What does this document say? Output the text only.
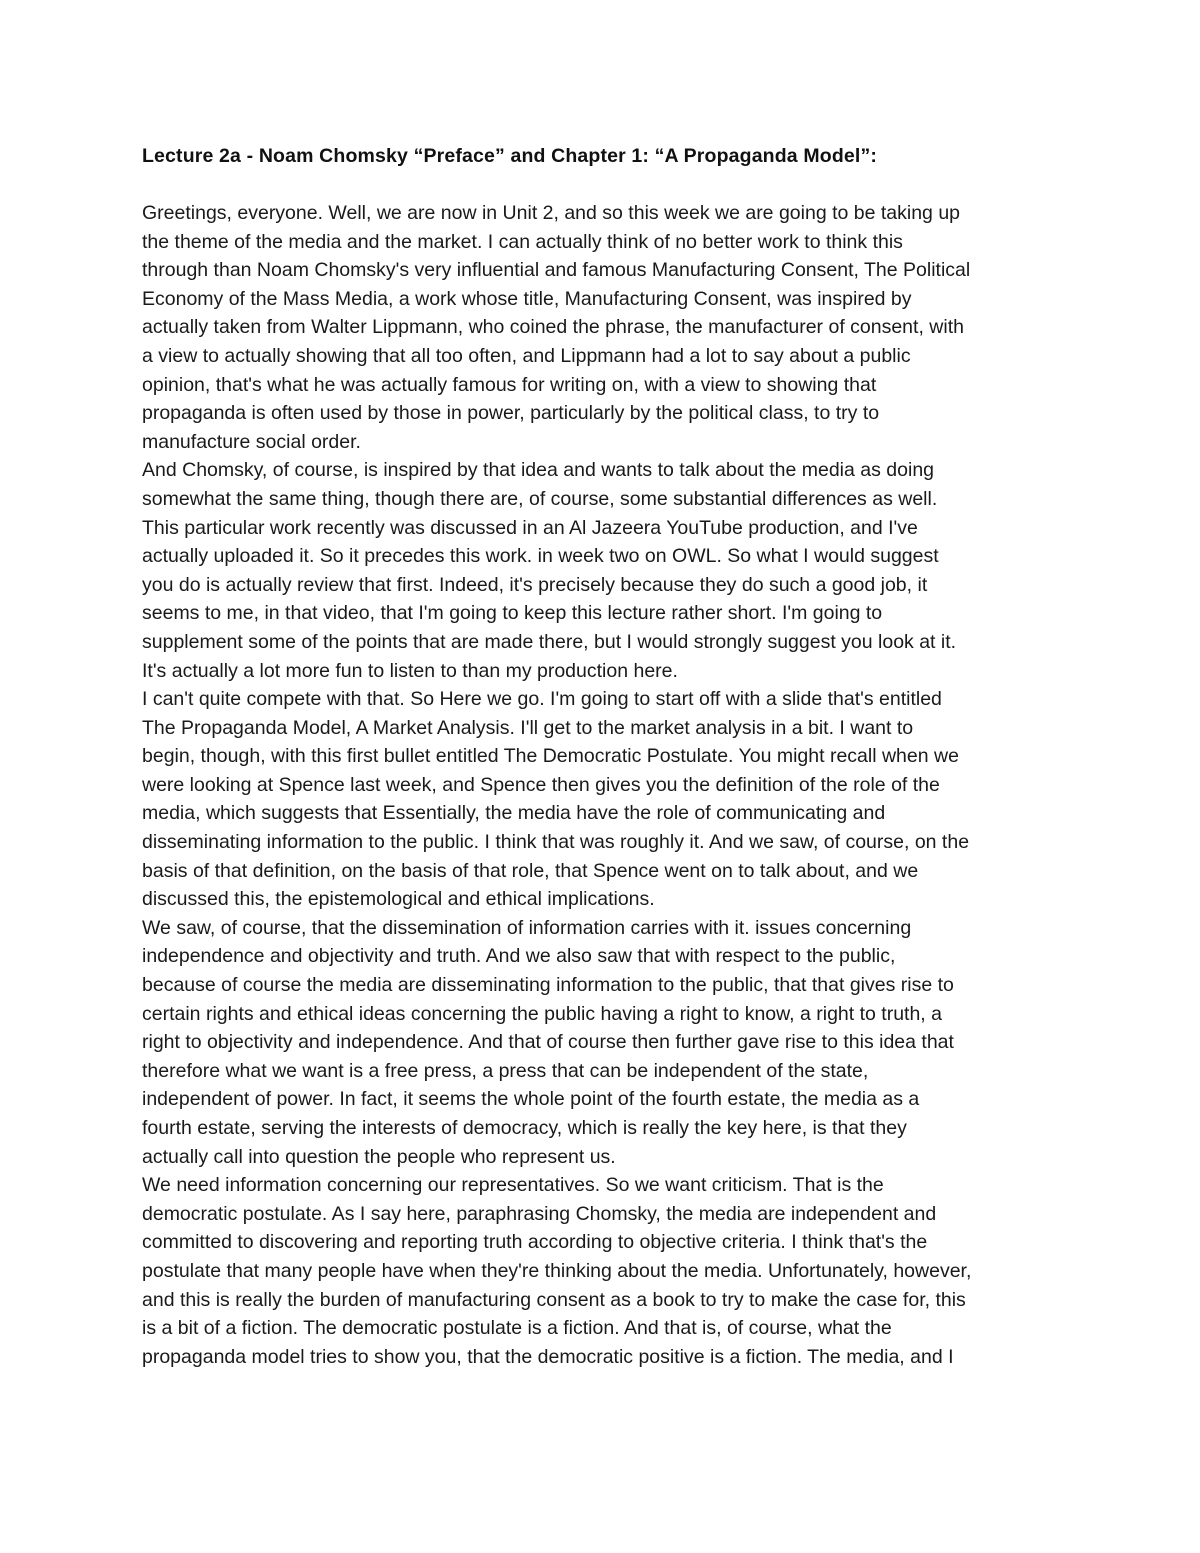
Lecture 2a - Noam Chomsky “Preface” and Chapter 1: “A Propaganda Model”:
Greetings, everyone. Well, we are now in Unit 2, and so this week we are going to be taking up
the theme of the media and the market. I can actually think of no better work to think this
through than Noam Chomsky's very influential and famous Manufacturing Consent, The Political
Economy of the Mass Media, a work whose title, Manufacturing Consent, was inspired by
actually taken from Walter Lippmann, who coined the phrase, the manufacturer of consent, with
a view to actually showing that all too often, and Lippmann had a lot to say about a public
opinion, that's what he was actually famous for writing on, with a view to showing that
propaganda is often used by those in power, particularly by the political class, to try to
manufacture social order.
And Chomsky, of course, is inspired by that idea and wants to talk about the media as doing
somewhat the same thing, though there are, of course, some substantial differences as well.
This particular work recently was discussed in an Al Jazeera YouTube production, and I've
actually uploaded it. So it precedes this work. in week two on OWL. So what I would suggest
you do is actually review that first. Indeed, it's precisely because they do such a good job, it
seems to me, in that video, that I'm going to keep this lecture rather short. I'm going to
supplement some of the points that are made there, but I would strongly suggest you look at it.
It's actually a lot more fun to listen to than my production here.
I can't quite compete with that. So Here we go. I'm going to start off with a slide that's entitled
The Propaganda Model, A Market Analysis. I'll get to the market analysis in a bit. I want to
begin, though, with this first bullet entitled The Democratic Postulate. You might recall when we
were looking at Spence last week, and Spence then gives you the definition of the role of the
media, which suggests that Essentially, the media have the role of communicating and
disseminating information to the public. I think that was roughly it. And we saw, of course, on the
basis of that definition, on the basis of that role, that Spence went on to talk about, and we
discussed this, the epistemological and ethical implications.
We saw, of course, that the dissemination of information carries with it. issues concerning
independence and objectivity and truth. And we also saw that with respect to the public,
because of course the media are disseminating information to the public, that that gives rise to
certain rights and ethical ideas concerning the public having a right to know, a right to truth, a
right to objectivity and independence. And that of course then further gave rise to this idea that
therefore what we want is a free press, a press that can be independent of the state,
independent of power. In fact, it seems the whole point of the fourth estate, the media as a
fourth estate, serving the interests of democracy, which is really the key here, is that they
actually call into question the people who represent us.
We need information concerning our representatives. So we want criticism. That is the
democratic postulate. As I say here, paraphrasing Chomsky, the media are independent and
committed to discovering and reporting truth according to objective criteria. I think that's the
postulate that many people have when they're thinking about the media. Unfortunately, however,
and this is really the burden of manufacturing consent as a book to try to make the case for, this
is a bit of a fiction. The democratic postulate is a fiction. And that is, of course, what the
propaganda model tries to show you, that the democratic positive is a fiction. The media, and I
